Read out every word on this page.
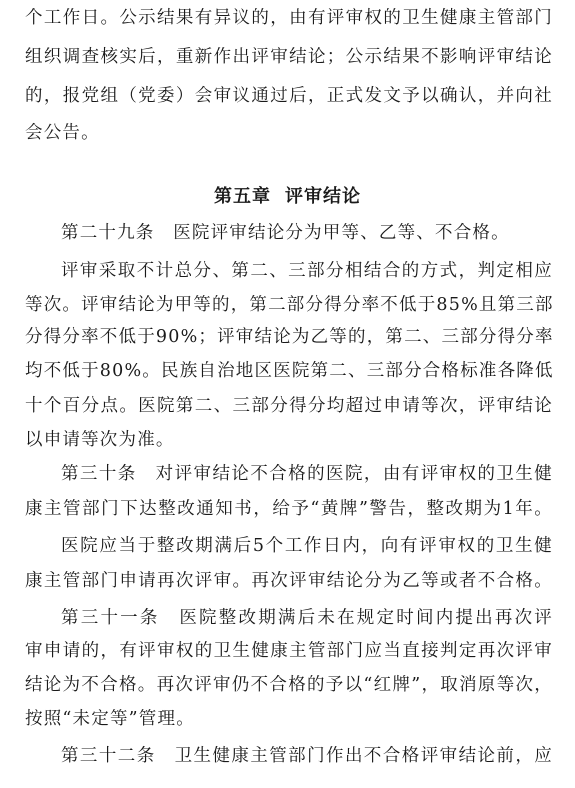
个工作日。公示结果有异议的，由有评审权的卫生健康主管部门
组织调查核实后，重新作出评审结论；公示结果不影响评审结论
的，报党组（党委）会审议通过后，正式发文予以确认，并向社
会公告。
第五章 评审结论
第二十九条　医院评审结论分为甲等、乙等、不合格。
评审采取不计总分、第二、三部分相结合的方式，判定相应
等次。评审结论为甲等的，第二部分得分率不低于85%且第三部
分得分率不低于90%；评审结论为乙等的，第二、三部分得分率
均不低于80%。民族自治地区医院第二、三部分合格标准各降低
十个百分点。医院第二、三部分得分均超过申请等次，评审结论
以申请等次为准。
第三十条　对评审结论不合格的医院，由有评审权的卫生健
康主管部门下达整改通知书，给予“黄牌”警告，整改期为1年。
医院应当于整改期满后5个工作日内，向有评审权的卫生健
康主管部门申请再次评审。再次评审结论分为乙等或者不合格。
第三十一条　医院整改期满后未在规定时间内提出再次评
审申请的，有评审权的卫生健康主管部门应当直接判定再次评审
结论为不合格。再次评审仍不合格的予以“红牌”，取消原等次，
按照“未定等”管理。
第三十二条　卫生健康主管部门作出不合格评审结论前，应
